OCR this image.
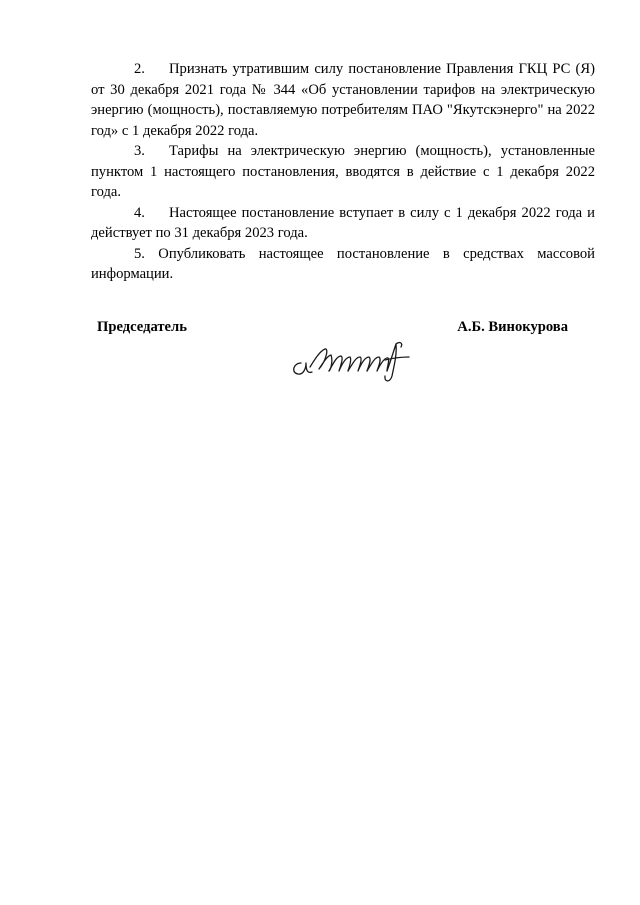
2. Признать утратившим силу постановление Правления ГКЦ РС (Я) от 30 декабря 2021 года № 344 «Об установлении тарифов на электрическую энергию (мощность), поставляемую потребителям ПАО "Якутскэнерго" на 2022 год» с 1 декабря 2022 года.

3. Тарифы на электрическую энергию (мощность), установленные пунктом 1 настоящего постановления, вводятся в действие с 1 декабря 2022 года.

4. Настоящее постановление вступает в силу с 1 декабря 2022 года и действует по 31 декабря 2023 года.

5. Опубликовать настоящее постановление в средствах массовой информации.

Председатель	А.Б. Винокурова
